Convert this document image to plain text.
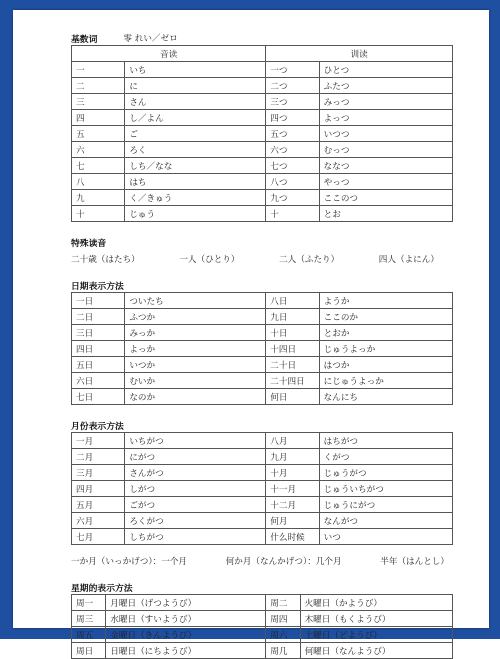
基数词	零 れい／ゼロ
音读		训读	
一	いち	一つ	ひとつ
二	に	二つ	ふたつ
三	さん	三つ	みっつ
四	し／よん	四つ	よっつ
五	ご	五つ	いつつ
六	ろく	六つ	むっつ
七	しち／なな	七つ	ななつ
八	はち	八つ	やっつ
九	く／きゅう	九つ	ここのつ
十	じゅう	十	とお
特殊读音
二十歳（はたち）	一人（ひとり）	二人（ふたり）	四人（よにん）
日期表示方法
一日	ついたち	八日	ようか
二日	ふつか	九日	ここのか
三日	みっか	十日	とおか
四日	よっか	十四日	じゅうよっか
五日	いつか	二十日	はつか
六日	むいか	二十四日	にじゅうよっか
七日	なのか	何日	なんにち
月份表示方法
一月	いちがつ	八月	はちがつ
二月	にがつ	九月	くがつ
三月	さんがつ	十月	じゅうがつ
四月	しがつ	十一月	じゅういちがつ
五月	ごがつ	十二月	じゅうにがつ
六月	ろくがつ	何月	なんがつ
七月	しちがつ	什么时候	いつ
一か月（いっかげつ）：一个月	何か月（なんかげつ）：几个月	半年（はんとし）
星期的表示方法
周一	月曜日（げつようび）	周二	火曜日（かようび）
周三	水曜日（すいようび）	周四	木曜日（もくようび）
周五	金曜日（きんようび）	周六	土曜日（どようび）
周日	日曜日（にちようび）	周几	何曜日（なんようび）
